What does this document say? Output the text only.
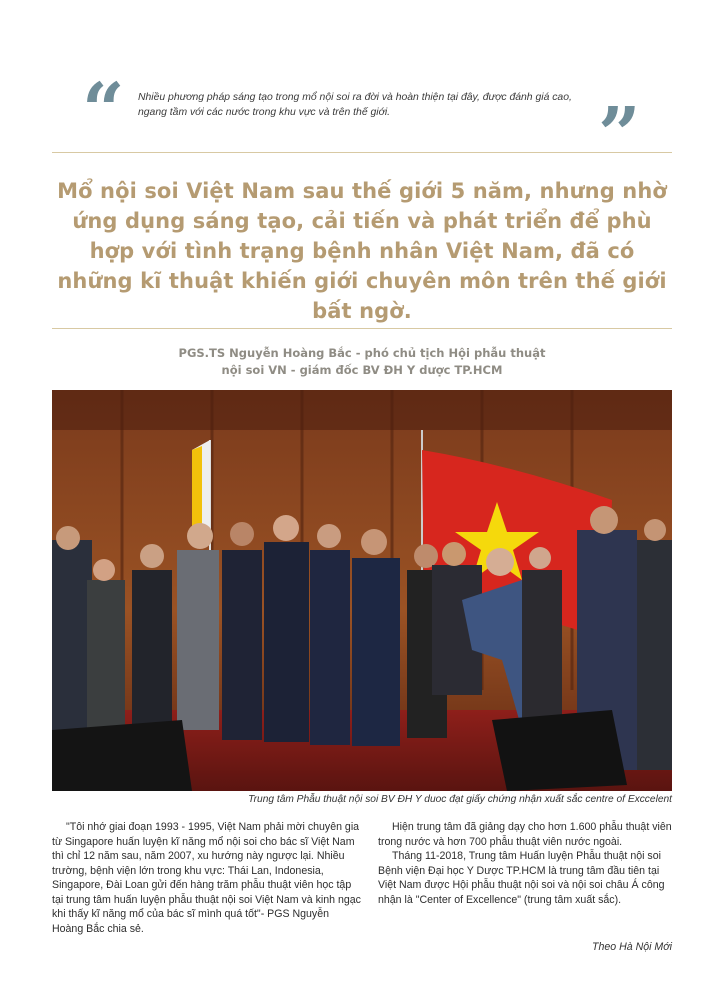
“ Nhiều phương pháp sáng tạo trong mổ nội soi ra đời và hoàn thiện tại đây, được đánh giá cao, ngang tầm với các nước trong khu vực và trên thế giới.	”
Mổ nội soi Việt Nam sau thế giới 5 năm, nhưng nhờ ứng dụng sáng tạo, cải tiến và phát triển để phù hợp với tình trạng bệnh nhân Việt Nam, đã có những kĩ thuật khiến giới chuyên môn trên thế giới bất ngờ.
PGS.TS Nguyễn Hoàng Bắc - phó chủ tịch Hội phẫu thuật
nội soi VN - giám đốc BV ĐH Y dược TP.HCM
Trung tâm Phẫu thuật nội soi BV ĐH Y duoc đạt giấy chứng nhận xuất sắc centre of Exccelent

"Tôi nhớ giai đoạn 1993 - 1995, Việt Nam phải mời chuyên gia từ Singapore huấn luyện kĩ năng mổ nội soi cho bác sĩ Việt Nam thì chỉ 12 năm sau, năm 2007, xu hướng này ngược lại. Nhiều trường, bệnh viện lớn trong khu vực: Thái Lan, Indonesia, Singapore, Đài Loan gửi đến hàng trăm phẫu thuật viên học tập tại trung tâm huấn luyện phẫu thuật nội soi Việt Nam và kinh ngạc khi thấy kĩ năng mổ của bác sĩ mình quá tốt"- PGS Nguyễn Hoàng Bắc chia sẻ.

Hiện trung tâm đã giảng dạy cho hơn 1.600 phẫu thuật viên trong nước và hơn 700 phẫu thuật viên nước ngoài.

Tháng 11-2018, Trung tâm Huấn luyện Phẫu thuật nội soi Bệnh viện Đại học Y Dược TP.HCM là trung tâm đầu tiên tại Việt Nam được Hội phẫu thuật nội soi và nội soi châu Á công nhận là "Center of Excellence" (trung tâm xuất sắc).

Theo Hà Nội Mới
